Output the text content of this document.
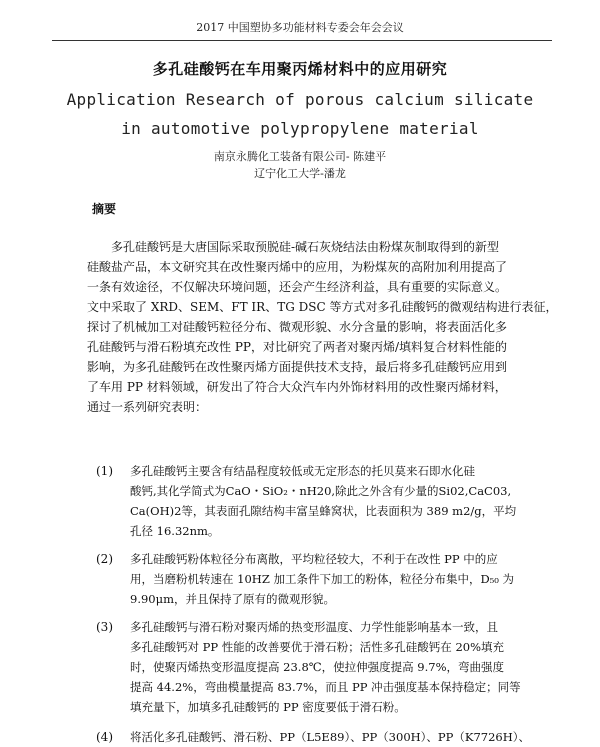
2017 中国塑协多功能材料专委会年会会议
多孔硅酸钙在车用聚丙烯材料中的应用研究
Application Research of porous calcium silicate
in automotive polypropylene material
南京永腾化工装备有限公司- 陈建平
辽宁化工大学-潘龙
摘要
多孔硅酸钙是大唐国际采取预脱硅-碱石灰烧结法由粉煤灰制取得到的新型
硅酸盐产品，本文研究其在改性聚丙烯中的应用，为粉煤灰的高附加利用提高了
一条有效途径，不仅解决环境问题，还会产生经济利益，具有重要的实际意义。
文中采取了 XRD、SEM、FT IR、TG DSC 等方式对多孔硅酸钙的微观结构进行表征，
探讨了机械加工对硅酸钙粒径分布、微观形貌、水分含量的影响，将表面活化多
孔硅酸钙与滑石粉填充改性 PP，对比研究了两者对聚丙烯/填料复合材料性能的
影响，为多孔硅酸钙在改性聚丙烯方面提供技术支持，最后将多孔硅酸钙应用到
了车用 PP 材料领域，研发出了符合大众汽车内外饰材料用的改性聚丙烯材料，
通过一系列研究表明：
(1) 多孔硅酸钙主要含有结晶程度较低或无定形态的托贝莫来石即水化硅
酸钙,其化学简式为CaO・SiO₂・nH20,除此之外含有少量的Si02,CaC03,
Ca(OH)2等，其表面孔隙结构丰富呈蜂窝状，比表面积为 389 m2/g，平均
孔径 16.32nm。
(2) 多孔硅酸钙粉体粒径分布离散，平均粒径较大，不利于在改性 PP 中的应
用，当磨粉机转速在 10HZ 加工条件下加工的粉体，粒径分布集中，D₅₀ 为
9.90μm，并且保持了原有的微观形貌。
(3) 多孔硅酸钙与滑石粉对聚丙烯的热变形温度、力学性能影响基本一致，且
多孔硅酸钙对 PP 性能的改善要优于滑石粉；活性多孔硅酸钙在 20%填充
时，使聚丙烯热变形温度提高 23.8℃，使拉伸强度提高 9.7%，弯曲强度
提高 44.2%，弯曲模量提高 83.7%，而且 PP 冲击强度基本保持稳定；同等
填充量下，加填多孔硅酸钙的 PP 密度要低于滑石粉。
(4) 将活化多孔硅酸钙、滑石粉、PP（L5E89）、PP（300H）、PP（K7726H）、
